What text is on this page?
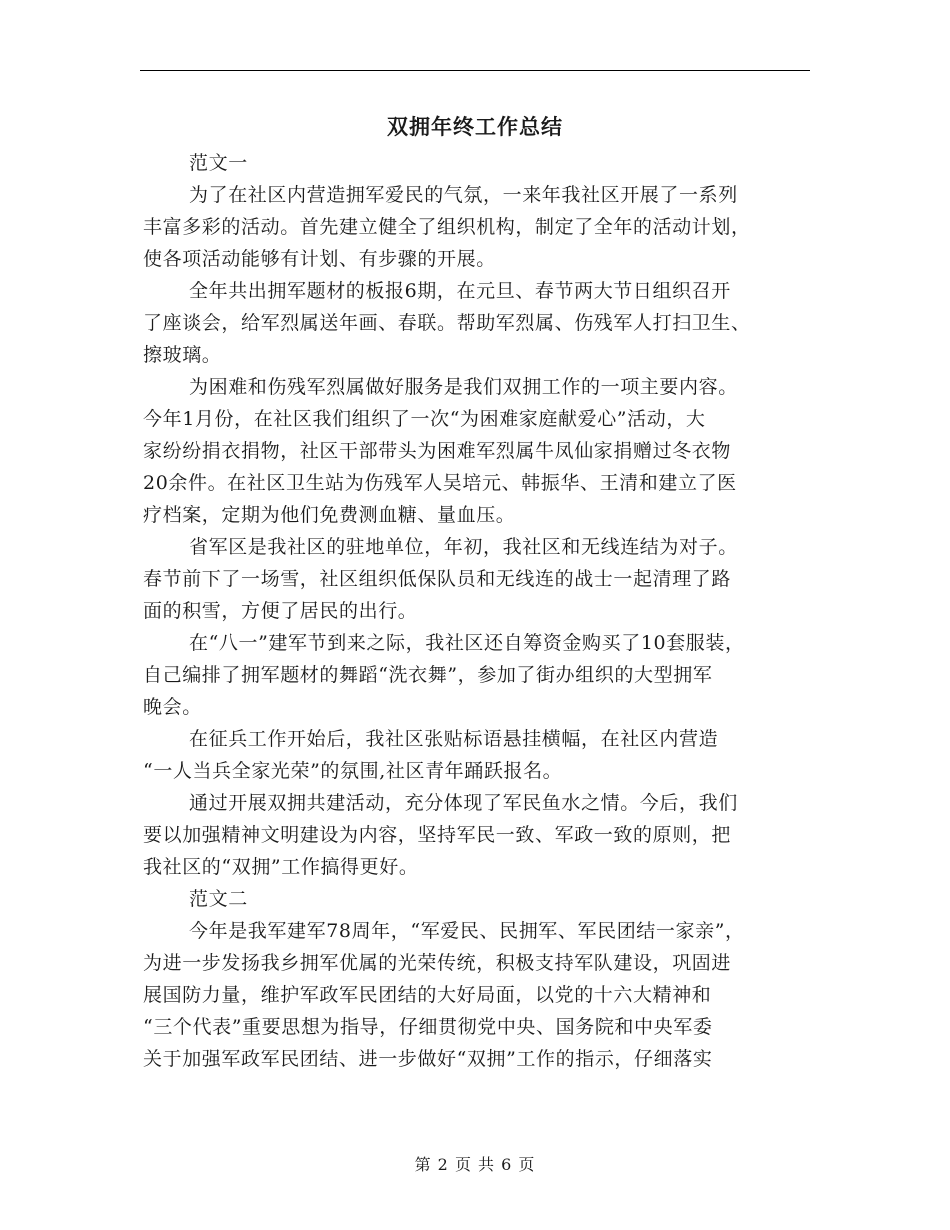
双拥年终工作总结

范文一

为了在社区内营造拥军爱民的气氛，一来年我社区开展了一系列
丰富多彩的活动。首先建立健全了组织机构，制定了全年的活动计划，
使各项活动能够有计划、有步骤的开展。

全年共出拥军题材的板报6期，在元旦、春节两大节日组织召开
了座谈会，给军烈属送年画、春联。帮助军烈属、伤残军人打扫卫生、
擦玻璃。

为困难和伤残军烈属做好服务是我们双拥工作的一项主要内容。
今年1月份，在社区我们组织了一次“为困难家庭献爱心”活动，大
家纷纷捐衣捐物，社区干部带头为困难军烈属牛凤仙家捐赠过冬衣物
20余件。在社区卫生站为伤残军人吴培元、韩振华、王清和建立了医
疗档案，定期为他们免费测血糖、量血压。

省军区是我社区的驻地单位，年初，我社区和无线连结为对子。
春节前下了一场雪，社区组织低保队员和无线连的战士一起清理了路
面的积雪，方便了居民的出行。

在“八一”建军节到来之际，我社区还自筹资金购买了10套服装，
自己编排了拥军题材的舞蹈“洗衣舞”，参加了街办组织的大型拥军
晚会。

在征兵工作开始后，我社区张贴标语悬挂横幅，在社区内营造
“一人当兵全家光荣”的氛围,社区青年踊跃报名。

通过开展双拥共建活动，充分体现了军民鱼水之情。今后，我们
要以加强精神文明建设为内容，坚持军民一致、军政一致的原则，把
我社区的“双拥”工作搞得更好。

范文二

今年是我军建军78周年，“军爱民、民拥军、军民团结一家亲”，
为进一步发扬我乡拥军优属的光荣传统，积极支持军队建设，巩固进
展国防力量，维护军政军民团结的大好局面，以党的十六大精神和
“三个代表”重要思想为指导，仔细贯彻党中央、国务院和中央军委
关于加强军政军民团结、进一步做好“双拥”工作的指示，仔细落实

第 2 页 共 6 页
